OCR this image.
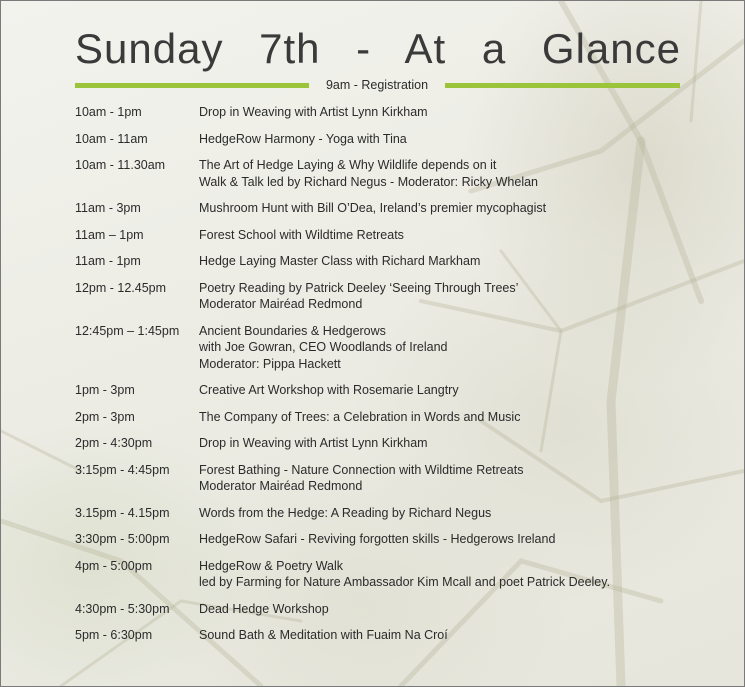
Sunday 7th - At a Glance
9am - Registration
10am - 1pm	Drop in Weaving with Artist Lynn Kirkham
10am - 11am	HedgeRow Harmony - Yoga with Tina
10am - 11.30am	The Art of Hedge Laying & Why Wildlife depends on it
Walk & Talk led by Richard Negus - Moderator: Ricky Whelan
11am - 3pm	Mushroom Hunt with Bill O’Dea, Ireland’s premier mycophagist
11am – 1pm	Forest School with Wildtime Retreats
11am - 1pm	Hedge Laying Master Class with Richard Markham
12pm - 12.45pm	Poetry Reading by Patrick Deeley ‘Seeing Through Trees’
Moderator Mairéad Redmond
12:45pm – 1:45pm	Ancient Boundaries & Hedgerows
with Joe Gowran, CEO Woodlands of Ireland
Moderator: Pippa Hackett
1pm - 3pm	Creative Art Workshop with Rosemarie Langtry
2pm - 3pm	The Company of Trees: a Celebration in Words and Music
2pm - 4:30pm	Drop in Weaving with Artist Lynn Kirkham
3:15pm - 4:45pm	Forest Bathing - Nature Connection with Wildtime Retreats
Moderator Mairéad Redmond
3.15pm - 4.15pm	Words from the Hedge: A Reading by Richard Negus
3:30pm - 5:00pm	HedgeRow Safari - Reviving forgotten skills - Hedgerows Ireland
4pm - 5:00pm	HedgeRow & Poetry Walk
led by Farming for Nature Ambassador Kim Mcall and poet Patrick Deeley.
4:30pm - 5:30pm	Dead Hedge Workshop
5pm - 6:30pm	Sound Bath & Meditation with Fuaim Na Croí
